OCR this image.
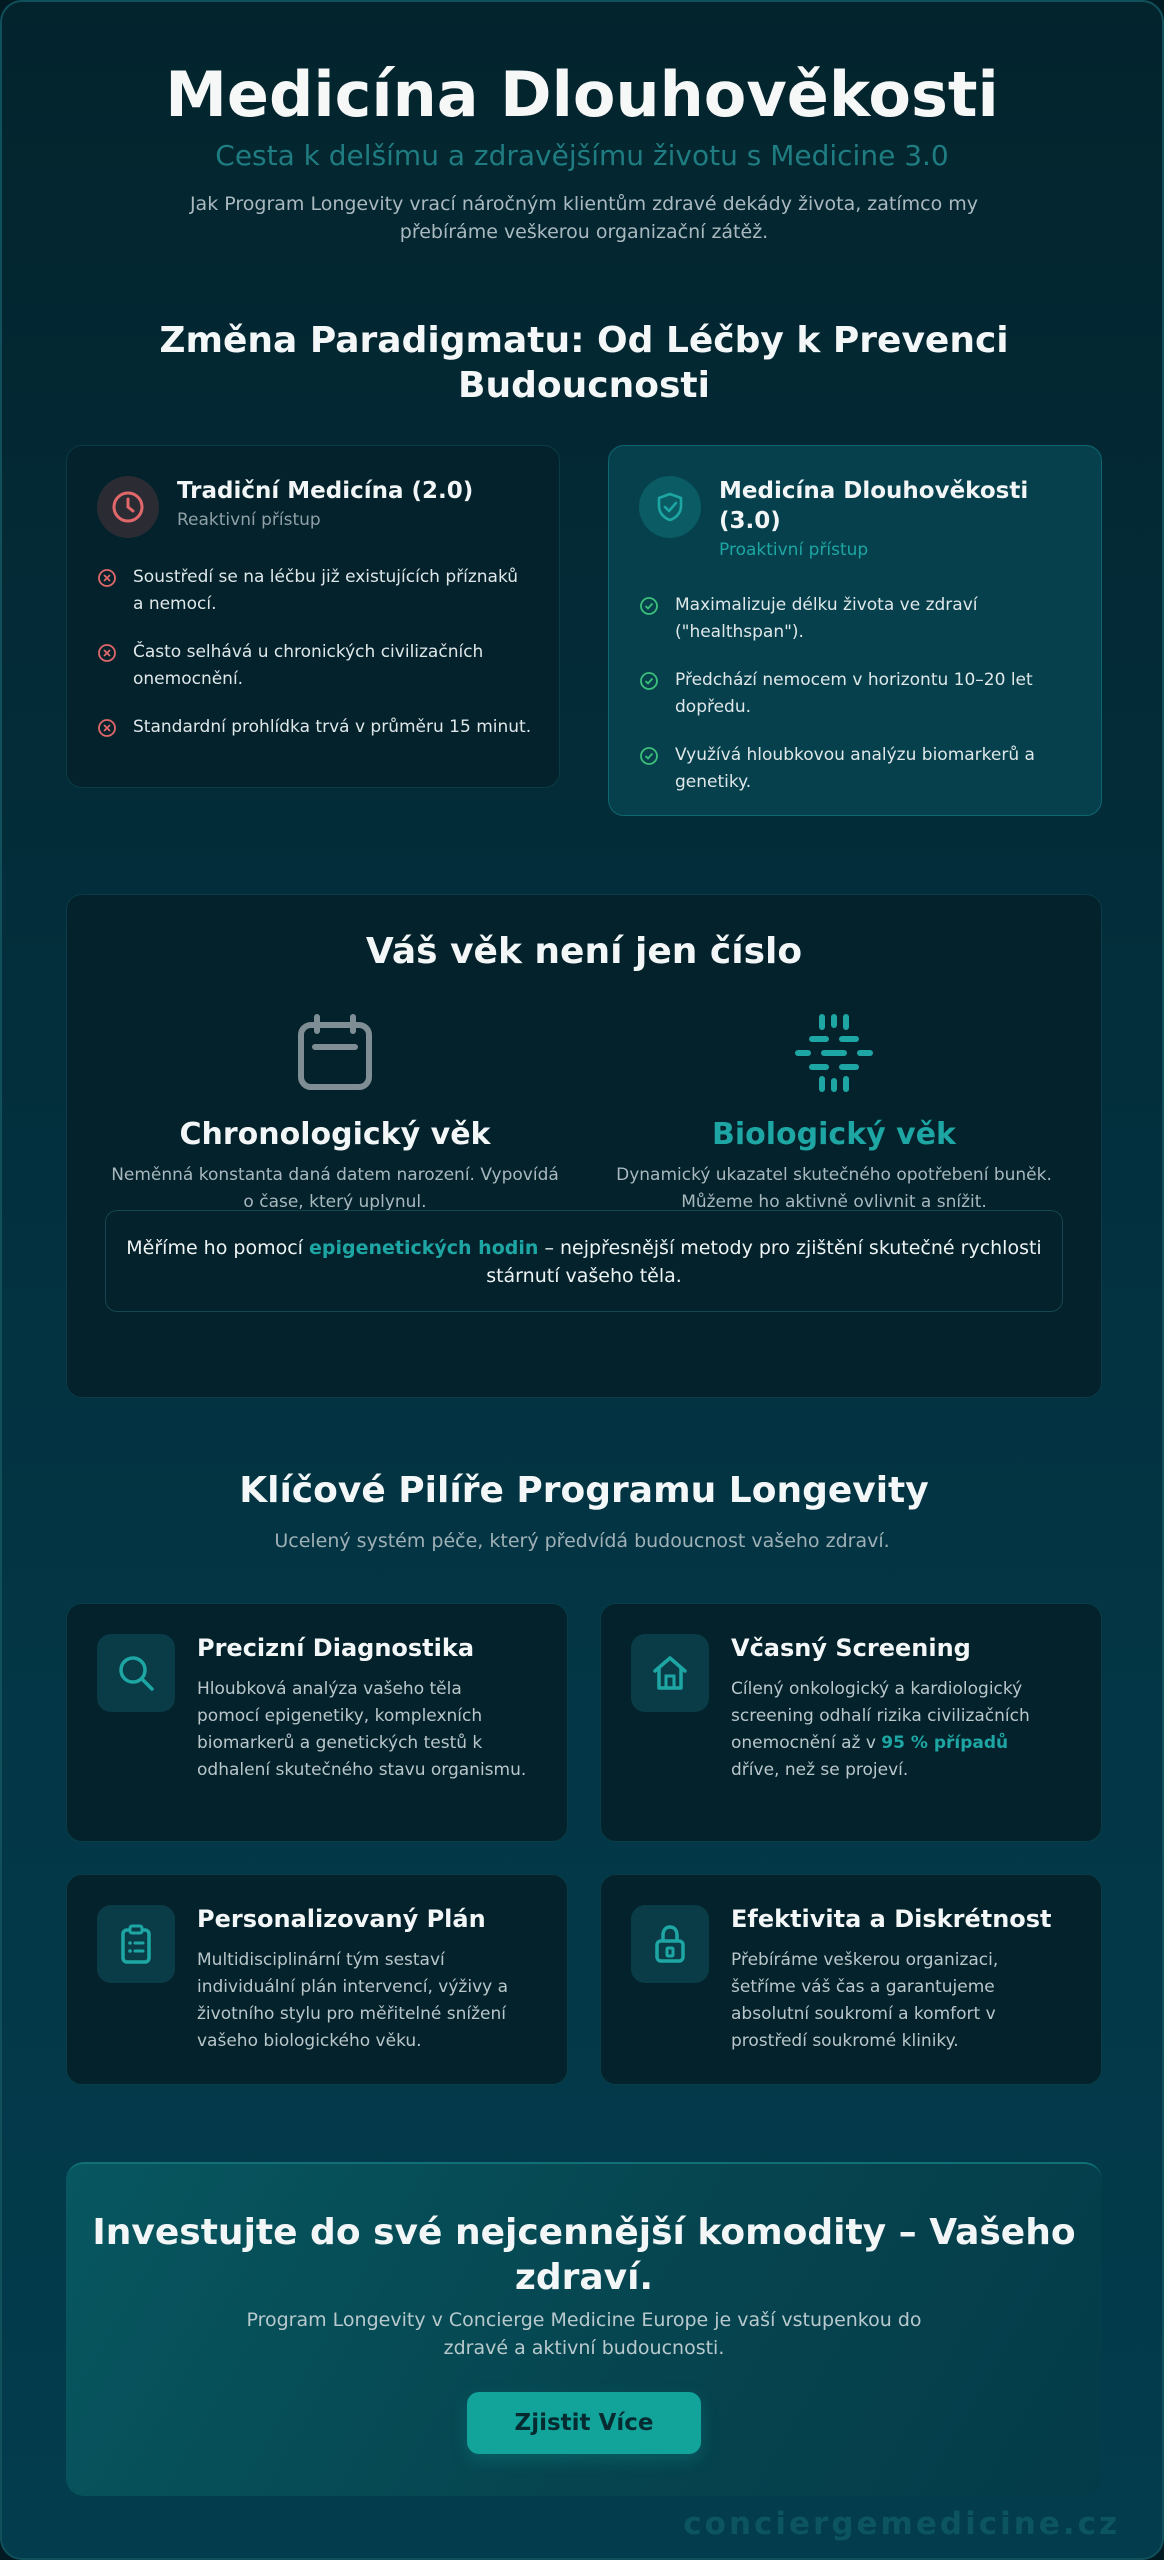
Medicína Dlouhověkosti
Cesta k delšímu a zdravějšímu životu s Medicine 3.0

Jak Program Longevity vrací náročným klientům zdravé dekády života, zatímco my přebíráme veškerou organizační zátěž.

Změna Paradigmatu: Od Léčby k Prevenci Budoucnosti
Tradiční Medicína (2.0)
Reaktivní přístup
Soustředí se na léčbu již existujících příznaků a nemocí.
Často selhává u chronických civilizačních onemocnění.
Standardní prohlídka trvá v průměru 15 minut.
Medicína Dlouhověkosti (3.0)
Proaktivní přístup
Maximalizuje délku života ve zdraví ("healthspan").
Předchází nemocem v horizontu 10–20 let dopředu.
Využívá hloubkovou analýzu biomarkerů a genetiky.
Váš věk není jen číslo
Chronologický věk
Neměnná konstanta daná datem narození. Vypovídá o čase, který uplynul.
Biologický věk
Dynamický ukazatel skutečného opotřebení buněk. Můžeme ho aktivně ovlivnit a snížit.
Měříme ho pomocí epigenetických hodin – nejpřesnější metody pro zjištění skutečné rychlosti stárnutí vašeho těla.
Klíčové Pilíře Programu Longevity
Ucelený systém péče, který předvídá budoucnost vašeho zdraví.
Precizní Diagnostika
Hloubková analýza vašeho těla pomocí epigenetiky, komplexních biomarkerů a genetických testů k odhalení skutečného stavu organismu.
Včasný Screening
Cílený onkologický a kardiologický screening odhalí rizika civilizačních onemocnění až v 95 % případů dříve, než se projeví.
Personalizovaný Plán
Multidisciplinární tým sestaví individuální plán intervencí, výživy a životního stylu pro měřitelné snížení vašeho biologického věku.
Efektivita a Diskrétnost
Přebíráme veškerou organizaci, šetříme váš čas a garantujeme absolutní soukromí a komfort v prostředí soukromé kliniky.
Investujte do své nejcennější komodity – Vašeho zdraví.

Program Longevity v Concierge Medicine Europe je vaší vstupenkou do zdravé a aktivní budoucnosti.

Zjistit Více
conciergemedicine.cz
